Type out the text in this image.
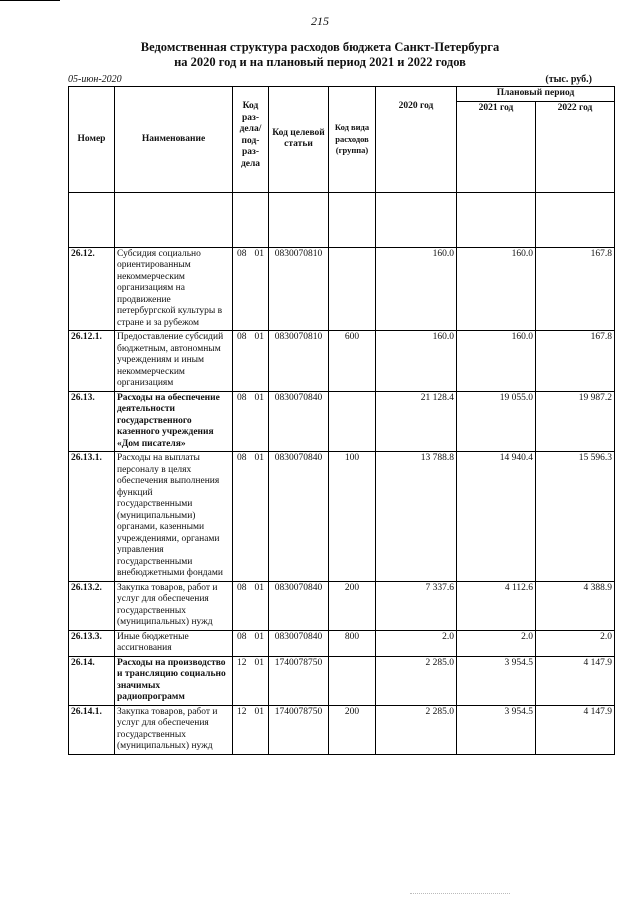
215
Ведомственная структура расходов бюджета Санкт-Петербурга
на 2020 год и на плановый период 2021 и 2022 годов
05-июн-2020	(тыс. руб.)
Номер	Наименование	Код раз-дела/ под-раз-дела	Код целевой статьи	Код вида расходов (группа)	2020 год	Плановый период	
						2021 год	2022 год

26.12.	Субсидия социально ориентированным некоммерческим организациям на продвижение петербургской культуры в стране и за рубежом	08 01	0830070810		160.0	160.0	167.8
26.12.1.	Предоставление субсидий бюджетным, автономным учреждениям и иным некоммерческим организациям	08 01	0830070810	600	160.0	160.0	167.8
26.13.	Расходы на обеспечение деятельности государственного казенного учреждения «Дом писателя»	08 01	0830070840		21 128.4	19 055.0	19 987.2
26.13.1.	Расходы на выплаты персоналу в целях обеспечения выполнения функций государственными (муниципальными) органами, казенными учреждениями, органами управления государственными внебюджетными фондами	08 01	0830070840	100	13 788.8	14 940.4	15 596.3
26.13.2.	Закупка товаров, работ и услуг для обеспечения государственных (муниципальных) нужд	08 01	0830070840	200	7 337.6	4 112.6	4 388.9
26.13.3.	Иные бюджетные ассигнования	08 01	0830070840	800	2.0	2.0	2.0
26.14.	Расходы на производство и трансляцию социально значимых радиопрограмм	12 01	1740078750		2 285.0	3 954.5	4 147.9
26.14.1.	Закупка товаров, работ и услуг для обеспечения государственных (муниципальных) нужд	12 01	1740078750	200	2 285.0	3 954.5	4 147.9
